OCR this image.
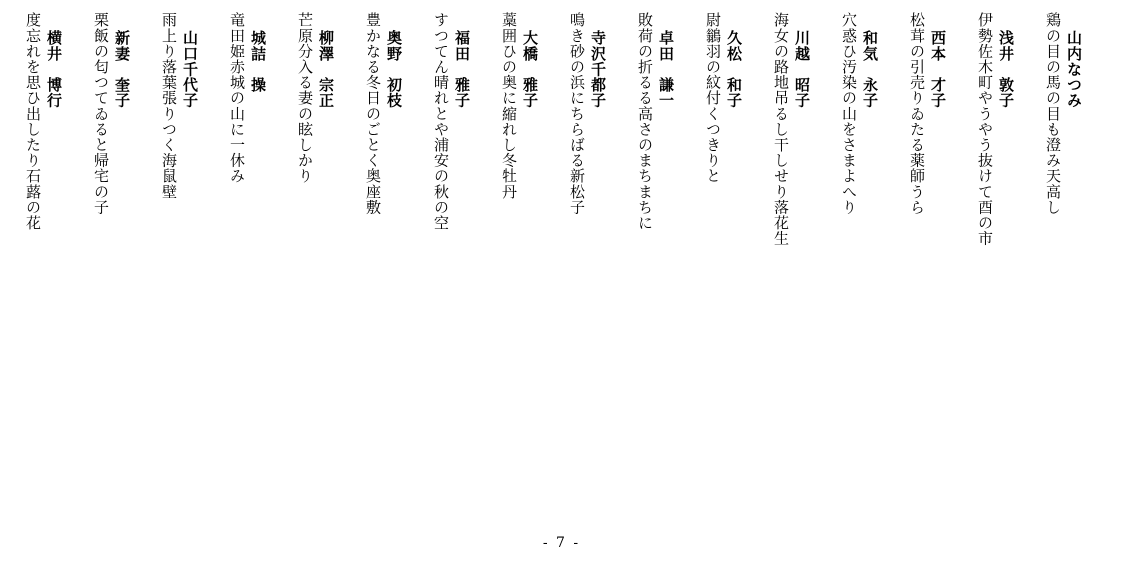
山内なつみ
鶏の目の馬の目も澄み天高し
浅井　敦子
伊勢佐木町やうやう抜けて酉の市
西本　才子
松茸の引売りゐたる薬師うら
和気　永子
穴惑ひ汚染の山をさまよへり
川越　昭子
海女の路地吊るし干しせり落花生
久松　和子
尉鶲羽の紋付くつきりと
卓田　謙一
敗荷の折るる高さのまちまちに
寺沢千都子
鳴き砂の浜にちらばる新松子
大橋　雅子
藁囲ひの奥に縮れし冬牡丹
福田　雅子
すつてん晴れとや浦安の秋の空
奥野　初枝
豊かなる冬日のごとく奥座敷
柳澤　宗正
芒原分入る妻の眩しかり
城詰　操
竜田姫赤城の山に一休み
山口千代子
雨上り落葉張りつく海鼠壁
新妻　奎子
栗飯の匂つてゐると帰宅の子
横井　博行
度忘れを思ひ出したり石蕗の花
- 7 -
